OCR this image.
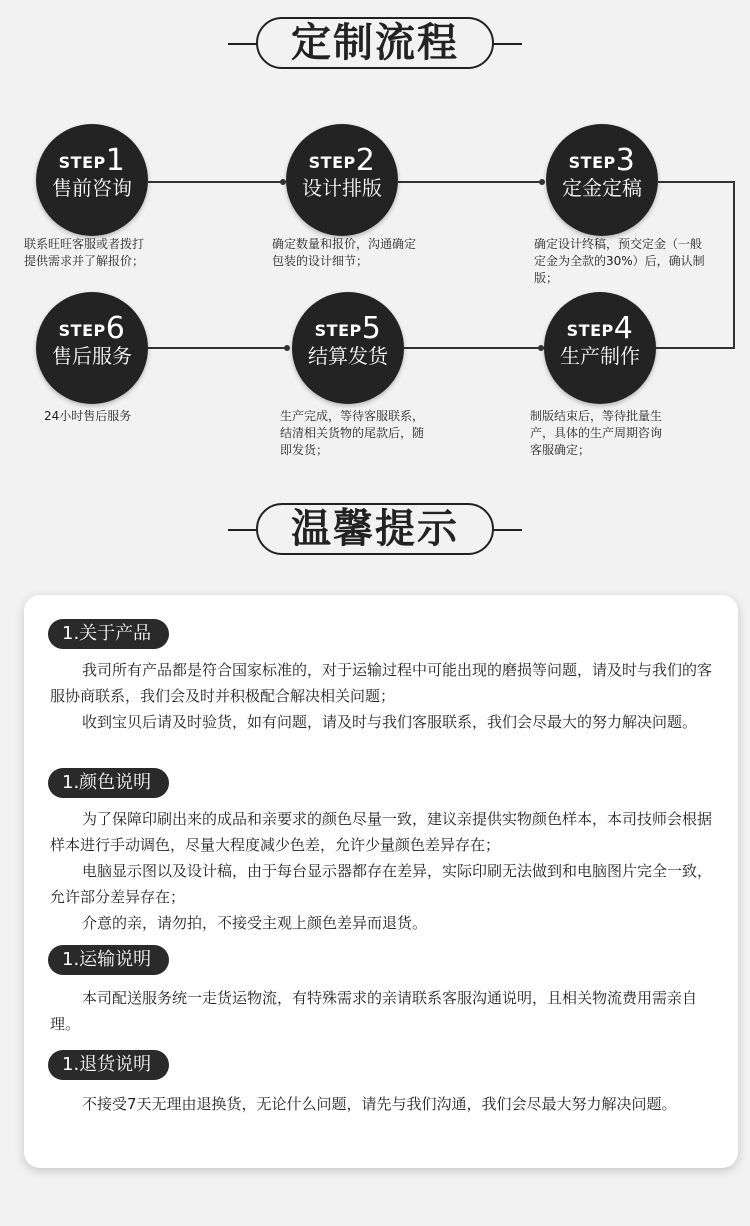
定制流程
STEP1
售前咨询
STEP2
设计排版
STEP3
定金定稿
STEP4
生产制作
STEP5
结算发货
STEP6
售后服务
联系旺旺客服或者拨打
提供需求并了解报价；
确定数量和报价，沟通确定
包装的设计细节；
确定设计终稿，预交定金（一般
定金为全款的30%）后，确认制
版；
制版结束后，等待批量生
产，具体的生产周期咨询
客服确定；
生产完成，等待客服联系，
结清相关货物的尾款后，随
即发货；
24小时售后服务
温馨提示
1.关于产品

我司所有产品都是符合国家标准的，对于运输过程中可能出现的磨损等问题，请及时与我们的客服协商联系，我们会及时并积极配合解决相关问题；

收到宝贝后请及时验货，如有问题，请及时与我们客服联系，我们会尽最大的努力解决问题。

1.颜色说明

为了保障印刷出来的成品和亲要求的颜色尽量一致，建议亲提供实物颜色样本，本司技师会根据样本进行手动调色，尽量大程度减少色差，允许少量颜色差异存在；

电脑显示图以及设计稿，由于每台显示器都存在差异，实际印刷无法做到和电脑图片完全一致，允许部分差异存在；

介意的亲，请勿拍，不接受主观上颜色差异而退货。

1.运输说明

本司配送服务统一走货运物流，有特殊需求的亲请联系客服沟通说明，且相关物流费用需亲自理。

1.退货说明

不接受7天无理由退换货，无论什么问题，请先与我们沟通，我们会尽最大努力解决问题。
